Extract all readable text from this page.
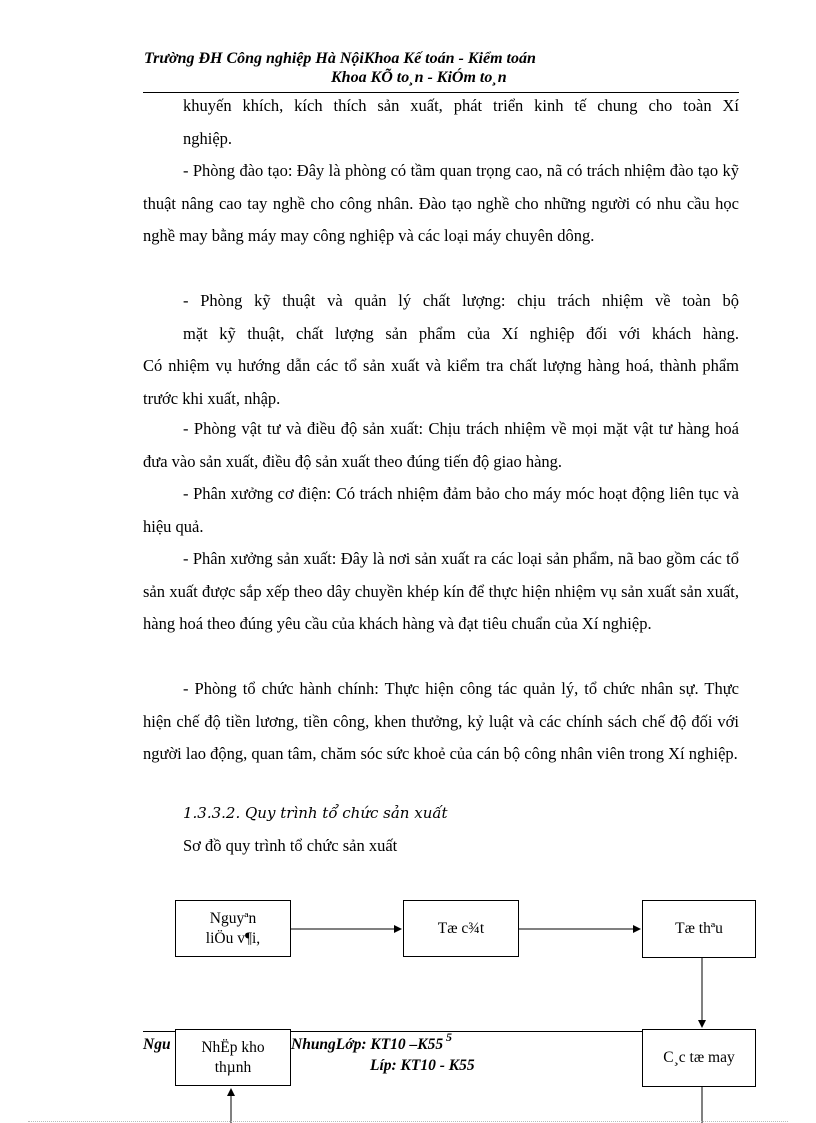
Trường ĐH Công nghiệp Hà NộiKhoa Kế toán - Kiểm toán
Khoa KÕ to¸n - KiÓm to¸n
khuyến khích, kích thích sản xuất, phát triển kinh tế chung cho toàn Xí
nghiệp.
- Phòng đào tạo: Đây là phòng có tầm quan trọng cao, nã có trách nhiệm đào tạo kỹ thuật nâng cao tay nghề cho công nhân. Đào tạo nghề cho những người có nhu cầu học nghề may bằng máy may công nghiệp và các loại máy chuyên dông.
- Phòng kỹ thuật và quản lý chất lượng: chịu trách nhiệm về toàn bộ
mặt kỹ thuật, chất lượng sản phẩm của Xí nghiệp đối với khách hàng.
Có nhiệm vụ hướng dẫn các tổ sản xuất và kiểm tra chất lượng hàng hoá, thành phẩm trước khi xuất, nhập.
- Phòng vật tư và điều độ sản xuất: Chịu trách nhiệm về mọi mặt vật tư hàng hoá đưa vào sản xuất, điều độ sản xuất theo đúng tiến độ giao hàng.
- Phân xưởng cơ điện: Có trách nhiệm đảm bảo cho máy móc hoạt động liên tục và hiệu quả.
- Phân xưởng sản xuất: Đây là nơi sản xuất ra các loại sản phẩm, nã bao gồm các tổ sản xuất được sắp xếp theo dây chuyền khép kín để thực hiện nhiệm vụ sản xuất sản xuất, hàng hoá theo đúng yêu cầu của khách hàng và đạt tiêu chuẩn của Xí nghiệp.
- Phòng tổ chức hành chính: Thực hiện công tác quản lý, tổ chức nhân sự. Thực hiện chế độ tiền lương, tiền công, khen thưởng, kỷ luật và các chính sách chế độ đối với người lao động, quan tâm, chăm sóc sức khoẻ của cán bộ công nhân viên trong Xí nghiệp.
1.3.3.2. Quy trình tổ chức sản xuất
Sơ đồ quy trình tổ chức sản xuất
Nguyªn
liÖu v¶i,
Tæ c¾t	Tæ thªu
C¸c tæ may
Ngu	NhungLớp: KT10 –K55 5
Líp: KT10 - K55
NhËp kho
thµnh
